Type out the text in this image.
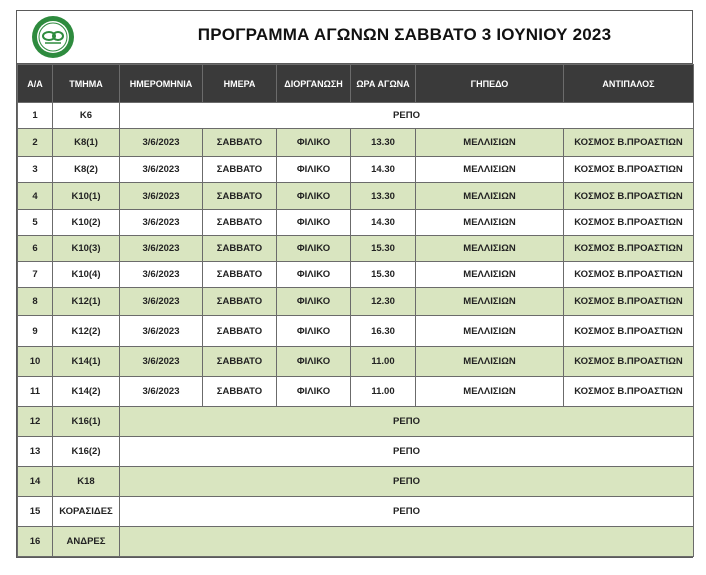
ΠΡΟΓΡΑΜΜΑ ΑΓΩΝΩΝ ΣΑΒΒΑΤΟ 3 ΙΟΥΝΙΟΥ 2023
Α/Α	ΤΜΗΜΑ	ΗΜΕΡΟΜΗΝΙΑ	ΗΜΕΡΑ	ΔΙΟΡΓΑΝΩΣΗ	ΩΡΑ ΑΓΩΝΑ	ΓΗΠΕΔΟ	ΑΝΤΙΠΑΛΟΣ
1	Κ6	ΡΕΠΟ					
2	Κ8(1)	3/6/2023	ΣΑΒΒΑΤΟ	ΦΙΛΙΚΟ	13.30	ΜΕΛΛΙΣΙΩΝ	ΚΟΣΜΟΣ Β.ΠΡΟΑΣΤΙΩΝ
3	Κ8(2)	3/6/2023	ΣΑΒΒΑΤΟ	ΦΙΛΙΚΟ	14.30	ΜΕΛΛΙΣΙΩΝ	ΚΟΣΜΟΣ Β.ΠΡΟΑΣΤΙΩΝ
4	Κ10(1)	3/6/2023	ΣΑΒΒΑΤΟ	ΦΙΛΙΚΟ	13.30	ΜΕΛΛΙΣΙΩΝ	ΚΟΣΜΟΣ Β.ΠΡΟΑΣΤΙΩΝ
5	Κ10(2)	3/6/2023	ΣΑΒΒΑΤΟ	ΦΙΛΙΚΟ	14.30	ΜΕΛΛΙΣΙΩΝ	ΚΟΣΜΟΣ Β.ΠΡΟΑΣΤΙΩΝ
6	Κ10(3)	3/6/2023	ΣΑΒΒΑΤΟ	ΦΙΛΙΚΟ	15.30	ΜΕΛΛΙΣΙΩΝ	ΚΟΣΜΟΣ Β.ΠΡΟΑΣΤΙΩΝ
7	Κ10(4)	3/6/2023	ΣΑΒΒΑΤΟ	ΦΙΛΙΚΟ	15.30	ΜΕΛΛΙΣΙΩΝ	ΚΟΣΜΟΣ Β.ΠΡΟΑΣΤΙΩΝ
8	Κ12(1)	3/6/2023	ΣΑΒΒΑΤΟ	ΦΙΛΙΚΟ	12.30	ΜΕΛΛΙΣΙΩΝ	ΚΟΣΜΟΣ Β.ΠΡΟΑΣΤΙΩΝ
9	Κ12(2)	3/6/2023	ΣΑΒΒΑΤΟ	ΦΙΛΙΚΟ	16.30	ΜΕΛΛΙΣΙΩΝ	ΚΟΣΜΟΣ Β.ΠΡΟΑΣΤΙΩΝ
10	Κ14(1)	3/6/2023	ΣΑΒΒΑΤΟ	ΦΙΛΙΚΟ	11.00	ΜΕΛΛΙΣΙΩΝ	ΚΟΣΜΟΣ Β.ΠΡΟΑΣΤΙΩΝ
11	Κ14(2)	3/6/2023	ΣΑΒΒΑΤΟ	ΦΙΛΙΚΟ	11.00	ΜΕΛΛΙΣΙΩΝ	ΚΟΣΜΟΣ Β.ΠΡΟΑΣΤΙΩΝ
12	Κ16(1)	ΡΕΠΟ					
13	Κ16(2)	ΡΕΠΟ					
14	Κ18	ΡΕΠΟ					
15	ΚΟΡΑΣΙΔΕΣ	ΡΕΠΟ					
16	ΑΝΔΡΕΣ						
